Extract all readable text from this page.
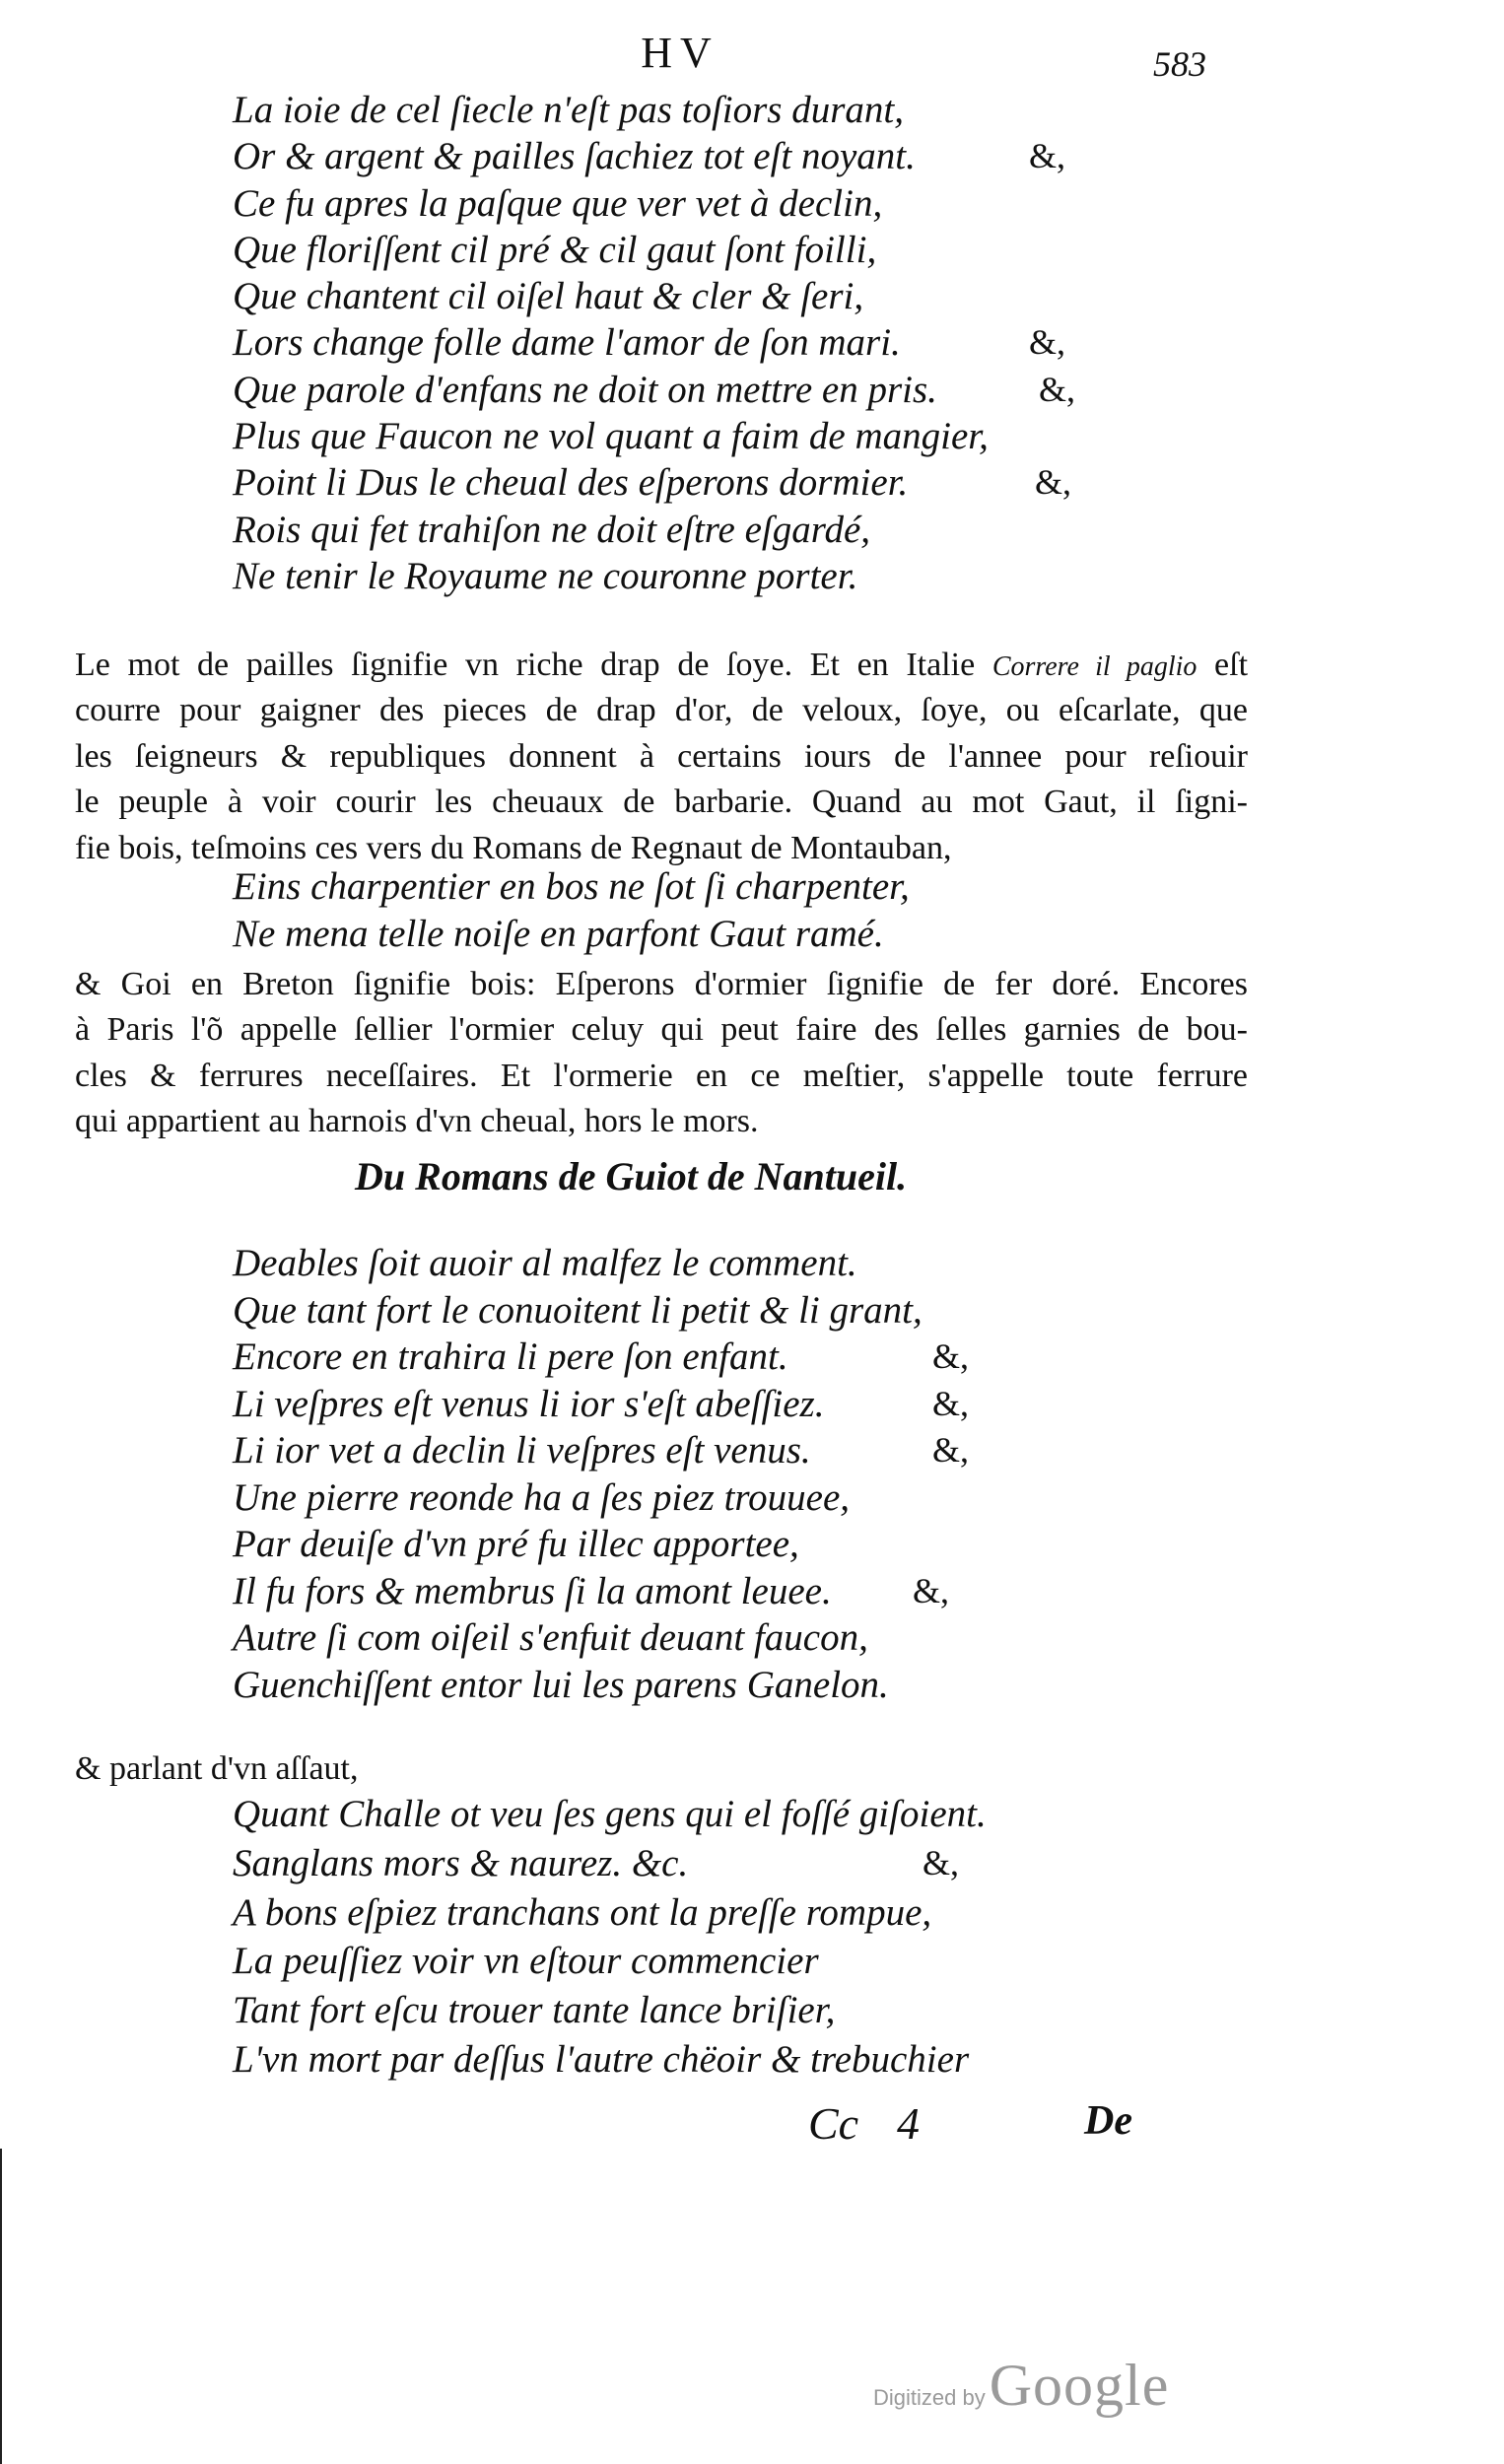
HV	583
La ioie de cel ſiecle n'eſt pas toſiors durant,
Or & argent & pailles ſachiez tot eſt noyant.	&,
Ce fu apres la paſque que ver vet à declin,
Que floriſſent cil pré & cil gaut ſont foilli,
Que chantent cil oiſel haut & cler & ſeri,
Lors change folle dame l'amor de ſon mari.	&,
Que parole d'enfans ne doit on mettre en pris.	&,
Plus que Faucon ne vol quant a faim de mangier,
Point li Dus le cheual des eſperons dormier.	&,
Rois qui fet trahiſon ne doit eſtre eſgardé,
Ne tenir le Royaume ne couronne porter.
Le mot de pailles ſignifie vn riche drap de ſoye. Et en Italie Correre il paglio eſt
courre pour gaigner des pieces de drap d'or, de veloux, ſoye, ou eſcarlate, que
les ſeigneurs & republiques donnent à certains iours de l'annee pour reſiouir
le peuple à voir courir les cheuaux de barbarie. Quand au mot Gaut, il ſigni-
fie bois, teſmoins ces vers du Romans de Regnaut de Montauban,
Eins charpentier en bos ne ſot ſi charpenter,
Ne mena telle noiſe en parfont Gaut ramé.
& Goi en Breton ſignifie bois: Eſperons d'ormier ſignifie de fer doré. Encores
à Paris l'õ appelle ſellier l'ormier celuy qui peut faire des ſelles garnies de bou-
cles & ferrures neceſſaires. Et l'ormerie en ce meſtier, s'appelle toute ferrure
qui appartient au harnois d'vn cheual, hors le mors.
Du Romans de Guiot de Nantueil.
Deables ſoit auoir al malfez le comment.
Que tant fort le conuoitent li petit & li grant,
Encore en trahira li pere ſon enfant.	&,
Li veſpres eſt venus li ior s'eſt abeſſiez.	&,
Li ior vet a declin li veſpres eſt venus.	&,
Une pierre reonde ha a ſes piez trouuee,
Par deuiſe d'vn pré fu illec apportee,
Il fu fors & membrus ſi la amont leuee. &,
Autre ſi com oiſeil s'enfuit deuant faucon,
Guenchiſſent entor lui les parens Ganelon.
& parlant d'vn aſſaut,
Quant Challe ot veu ſes gens qui el foſſé giſoient.
Sanglans mors & naurez. &c.	&,
A bons eſpiez tranchans ont la preſſe rompue,
La peuſſiez voir vn eſtour commencier
Tant fort eſcu trouer tante lance briſier,
L'vn mort par deſſus l'autre chëoir & trebuchier
Cc 4	De
Digitized by Google
